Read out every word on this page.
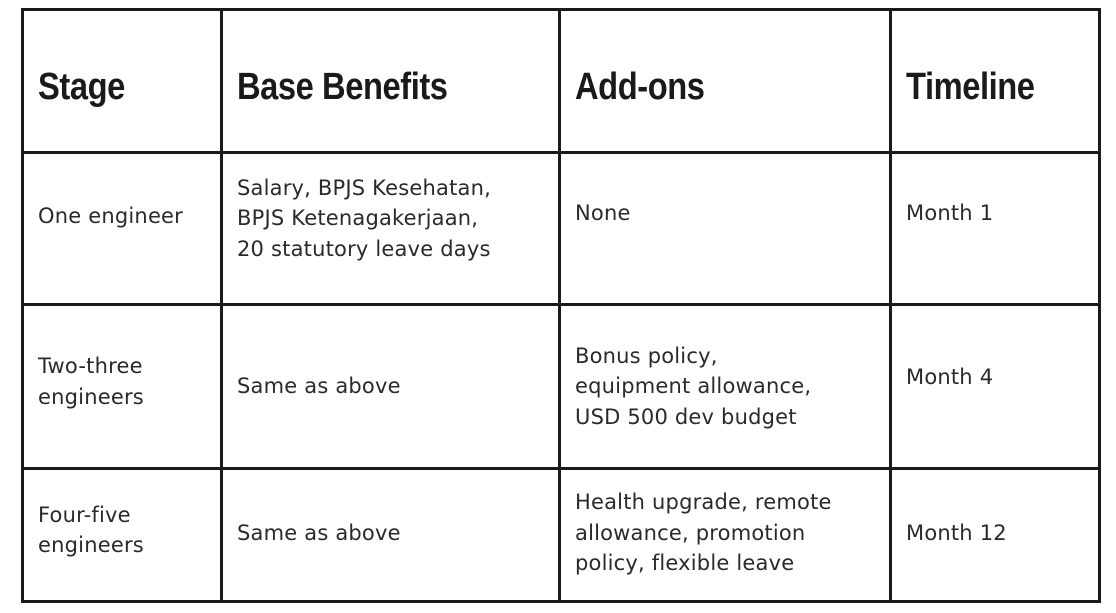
Stage	Base Benefits	Add-ons	Timeline

One engineer	Salary, BPJS Kesehatan,
BPJS Ketenagakerjaan,
20 statutory leave days	None	Month 1

Two-three
engineers	Same as above	Bonus policy,
equipment allowance,
USD 500 dev budget	Month 4

Four-five
engineers	Same as above	Health upgrade, remote
allowance, promotion
policy, flexible leave	Month 12
